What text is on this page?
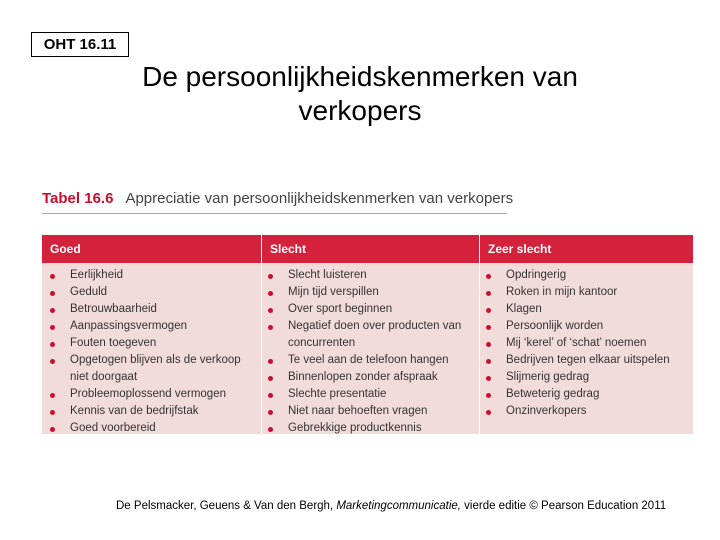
OHT 16.11
De persoonlijkheidskenmerken van verkopers
Tabel 16.6 Appreciatie van persoonlijkheidskenmerken van verkopers
Goed	Slecht	Zeer slecht
Eerlijkheid
Geduld
Betrouwbaarheid
Aanpassingsvermogen
Fouten toegeven
Opgetogen blijven als de verkoop
niet doorgaat
Probleemoplossend vermogen
Kennis van de bedrijfstak
Goed voorbereid
Slecht luisteren
Mijn tijd verspillen
Over sport beginnen
Negatief doen over producten van
concurrenten
Te veel aan de telefoon hangen
Binnenlopen zonder afspraak
Slechte presentatie
Niet naar behoeften vragen
Gebrekkige productkennis
Opdringerig
Roken in mijn kantoor
Klagen
Persoonlijk worden
Mij ‘kerel’ of ‘schat’ noemen
Bedrijven tegen elkaar uitspelen
Slijmerig gedrag
Betweterig gedrag
Onzinverkopers
De Pelsmacker, Geuens & Van den Bergh, Marketingcommunicatie, vierde editie © Pearson Education 2011
